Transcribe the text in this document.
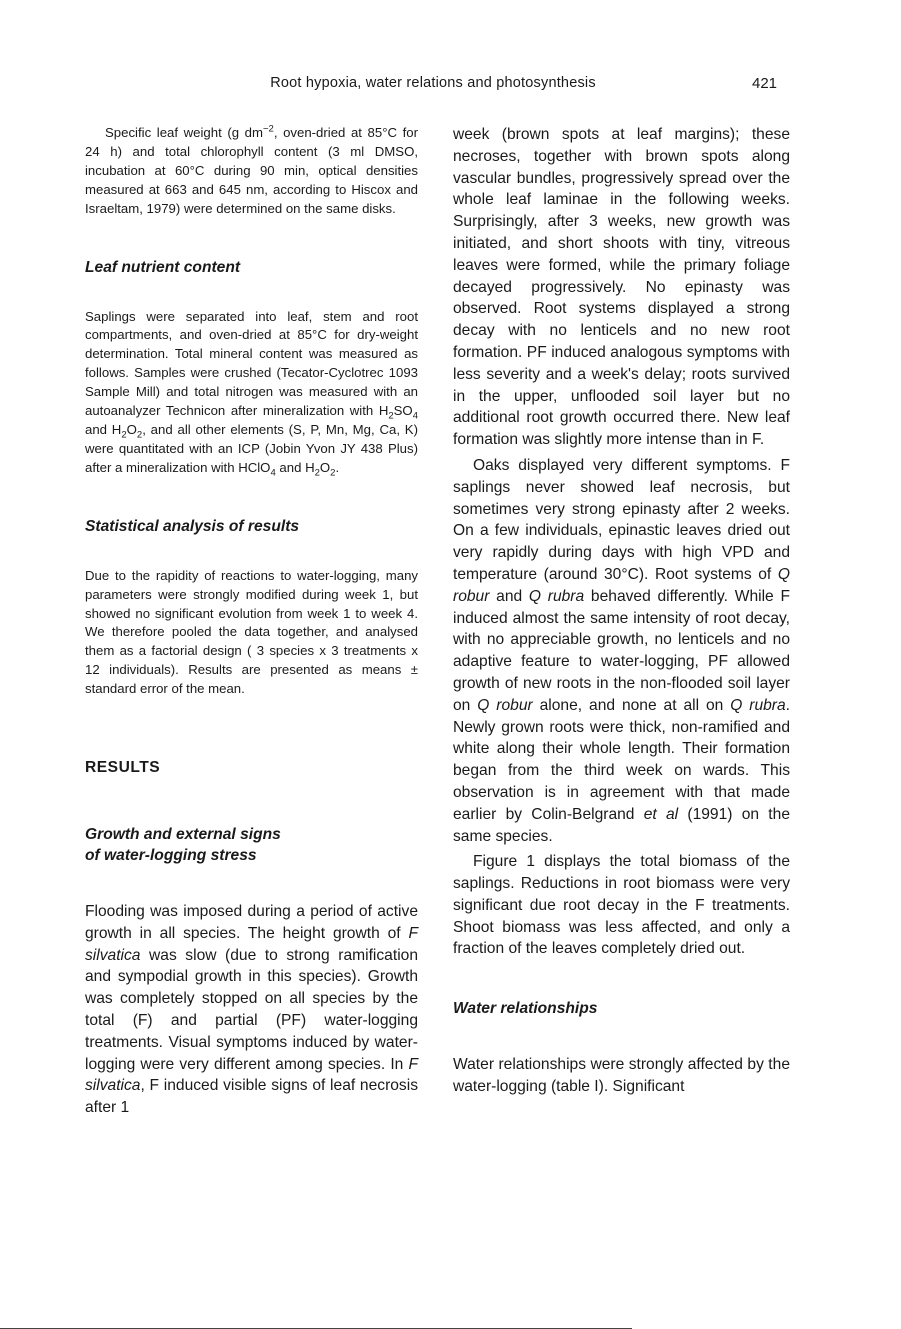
Root hypoxia, water relations and photosynthesis	421

Specific leaf weight (g $dm^{-2}$, oven-dried at 85°C for 24 h) and total chlorophyll content (3 ml DMSO, incubation at 60°C during 90 min, optical densities measured at 663 and 645 nm, according to Hiscox and Israeltam, 1979) were determined on the same disks.

Leaf nutrient content

Saplings were separated into leaf, stem and root compartments, and oven-dried at 85°C for dry-weight determination. Total mineral content was measured as follows. Samples were crushed (Tecator-Cyclotrec 1093 Sample Mill) and total nitrogen was measured with an autoanalyzer Technicon after mineralization with $H_2SO_4$ and $H_2O_2$, and all other elements (S, P, Mn, Mg, Ca, K) were quantitated with an ICP (Jobin Yvon JY 438 Plus) after a mineralization with HClO$_4$ and $H_2O_2$.

Statistical analysis of results

Due to the rapidity of reactions to water-logging, many parameters were strongly modified during week 1, but showed no significant evolution from week 1 to week 4. We therefore pooled the data together, and analysed them as a factorial design ( 3 species x 3 treatments x 12 individuals). Results are presented as means ± standard error of the mean.

RESULTS

Growth and external signs

of water-logging stress

Flooding was imposed during a period of active growth in all species. The height growth of F silvatica was slow (due to strong ramification and sympodial growth in this species). Growth was completely stopped on all species by the total (F) and partial (PF) water-logging treatments. Visual symptoms induced by water-logging were very different among species. In F silvatica, F induced visible signs of leaf necrosis after 1

week (brown spots at leaf margins); these necroses, together with brown spots along vascular bundles, progressively spread over the whole leaf laminae in the following weeks. Surprisingly, after 3 weeks, new growth was initiated, and short shoots with tiny, vitreous leaves were formed, while the primary foliage decayed progressively. No epinasty was observed. Root systems displayed a strong decay with no lenticels and no new root formation. PF induced analogous symptoms with less severity and a week's delay; roots survived in the upper, unflooded soil layer but no additional root growth occurred there. New leaf formation was slightly more intense than in F.

Oaks displayed very different symptoms. F saplings never showed leaf necrosis, but sometimes very strong epinasty after 2 weeks. On a few individuals, epinastic leaves dried out very rapidly during days with high VPD and temperature (around 30°C). Root systems of Q robur and Q rubra behaved differently. While F induced almost the same intensity of root decay, with no appreciable growth, no lenticels and no adaptive feature to water-logging, PF allowed growth of new roots in the non-flooded soil layer on Q robur alone, and none at all on Q rubra. Newly grown roots were thick, non-ramified and white along their whole length. Their formation began from the third week on wards. This observation is in agreement with that made earlier by Colin-Belgrand et al (1991) on the same species.

Figure 1 displays the total biomass of the saplings. Reductions in root biomass were very significant due root decay in the F treatments. Shoot biomass was less affected, and only a fraction of the leaves completely dried out.

Water relationships

Water relationships were strongly affected by the water-logging (table I). Significant
